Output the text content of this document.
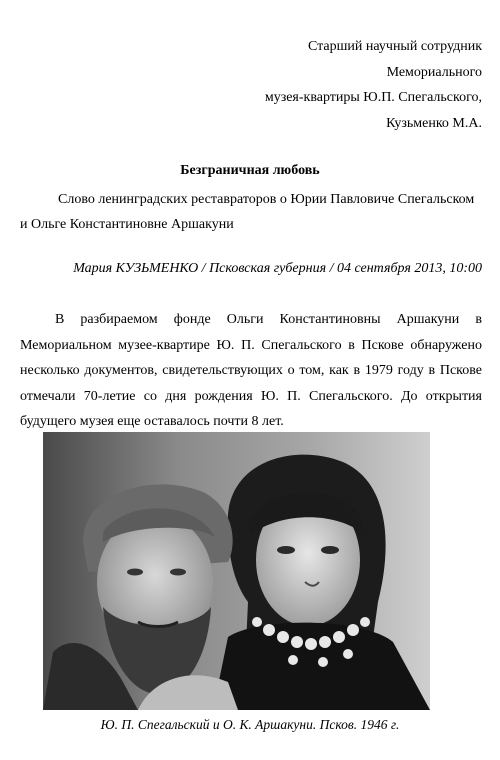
Старший научный сотрудник
Мемориального
музея-квартиры Ю.П. Спегальского,
Кузьменко М.А.
Безграничная любовь
Слово ленинградских реставраторов о Юрии Павловиче Спегальском и Ольге Константиновне Аршакуни
Мария КУЗЬМЕНКО / Псковская губерния / 04 сентября 2013, 10:00
В разбираемом фонде Ольги Константиновны Аршакуни в Мемориальном музее-квартире Ю. П. Спегальского в Пскове обнаружено несколько документов, свидетельствующих о том, как в 1979 году в Пскове отмечали 70-летие со дня рождения Ю. П. Спегальского. До открытия будущего музея еще оставалось почти 8 лет.
Ю. П. Спегальский и О. К. Аршакуни. Псков. 1946 г.
